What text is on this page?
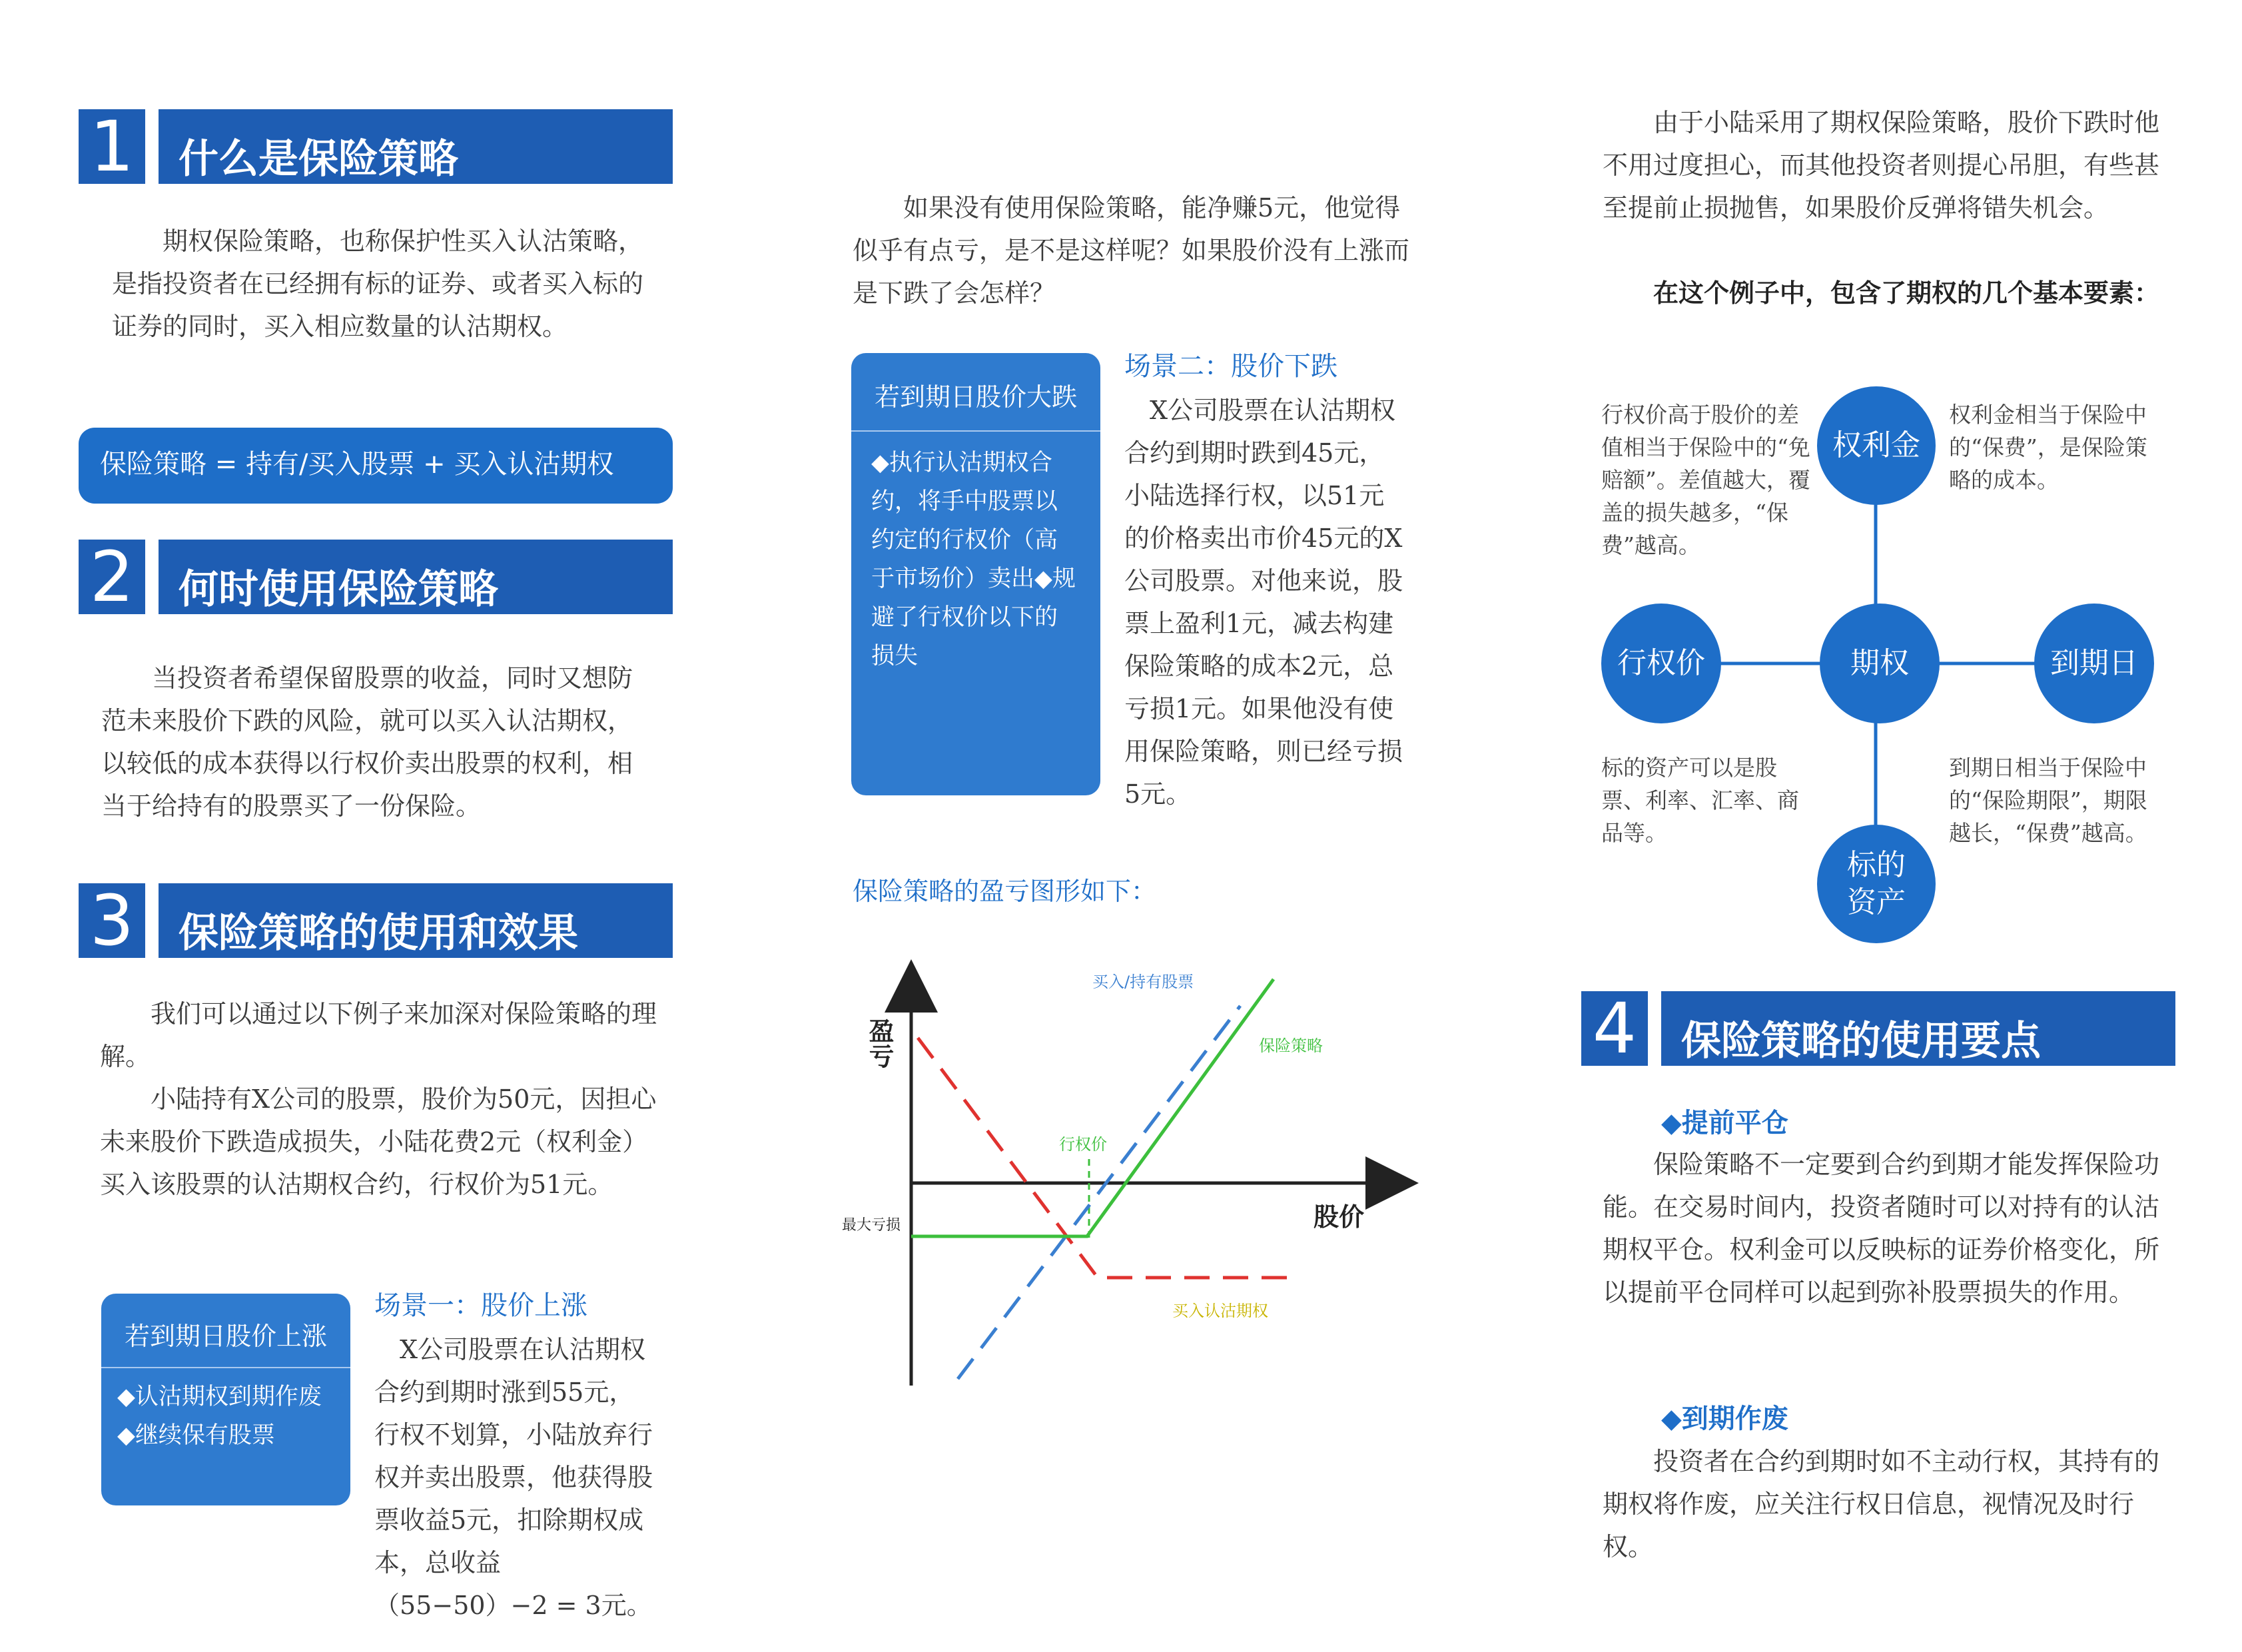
1	什么是保险策略

期权保险策略，也称保护性买入认沽策略，是指投资者在已经拥有标的证券、或者买入标的证券的同时，买入相应数量的认沽期权。

保险策略 = 持有/买入股票 + 买入认沽期权
2	何时使用保险策略

当投资者希望保留股票的收益，同时又想防范未来股价下跌的风险，就可以买入认沽期权，以较低的成本获得以行权价卖出股票的权利，相当于给持有的股票买了一份保险。

3	保险策略的使用和效果

我们可以通过以下例子来加深对保险策略的理解。

小陆持有X公司的股票，股价为50元，因担心未来股价下跌造成损失，小陆花费2元（权利金）买入该股票的认沽期权合约，行权价为51元。

若到期日股价上涨
◆认沽期权到期作废
◆继续保有股票
场景一：股价上涨

X公司股票在认沽期权合约到期时涨到55元，行权不划算，小陆放弃行权并卖出股票，他获得股票收益5元，扣除期权成本，总收益（55−50）−2 = 3元。

如果没有使用保险策略，能净赚5元，他觉得似乎有点亏，是不是这样呢？如果股价没有上涨而是下跌了会怎样？

若到期日股价大跌
◆执行认沽期权合约，将手中股票以约定的行权价（高于市场价）卖出◆规避了行权价以下的损失
场景二：股价下跌

X公司股票在认沽期权合约到期时跌到45元，小陆选择行权，以51元的价格卖出市价45元的X公司股票。对他来说，股票上盈利1元，减去构建保险策略的成本2元，总亏损1元。如果他没有使用保险策略，则已经亏损5元。

保险策略的盈亏图形如下：
盈亏
股价
买入/持有股票
保险策略
买入认沽期权
行权价
最大亏损

由于小陆采用了期权保险策略，股价下跌时他不用过度担心，而其他投资者则提心吊胆，有些甚至提前止损抛售，如果股价反弹将错失机会。

在这个例子中，包含了期权的几个基本要素：

期权
权利金
行权价	到期日
标的资产
行权价高于股价的差值相当于保险中的“免赔额”。差值越大，覆盖的损失越多，“保费”越高。
权利金相当于保险中的“保费”，是保险策略的成本。
标的资产可以是股票、利率、汇率、商品等。
到期日相当于保险中的“保险期限”，期限越长，“保费”越高。
4	保险策略的使用要点
◆提前平仓

保险策略不一定要到合约到期才能发挥保险功能。在交易时间内，投资者随时可以对持有的认沽期权平仓。权利金可以反映标的证券价格变化，所以提前平仓同样可以起到弥补股票损失的作用。

◆到期作废

投资者在合约到期时如不主动行权，其持有的期权将作废，应关注行权日信息，视情况及时行权。
